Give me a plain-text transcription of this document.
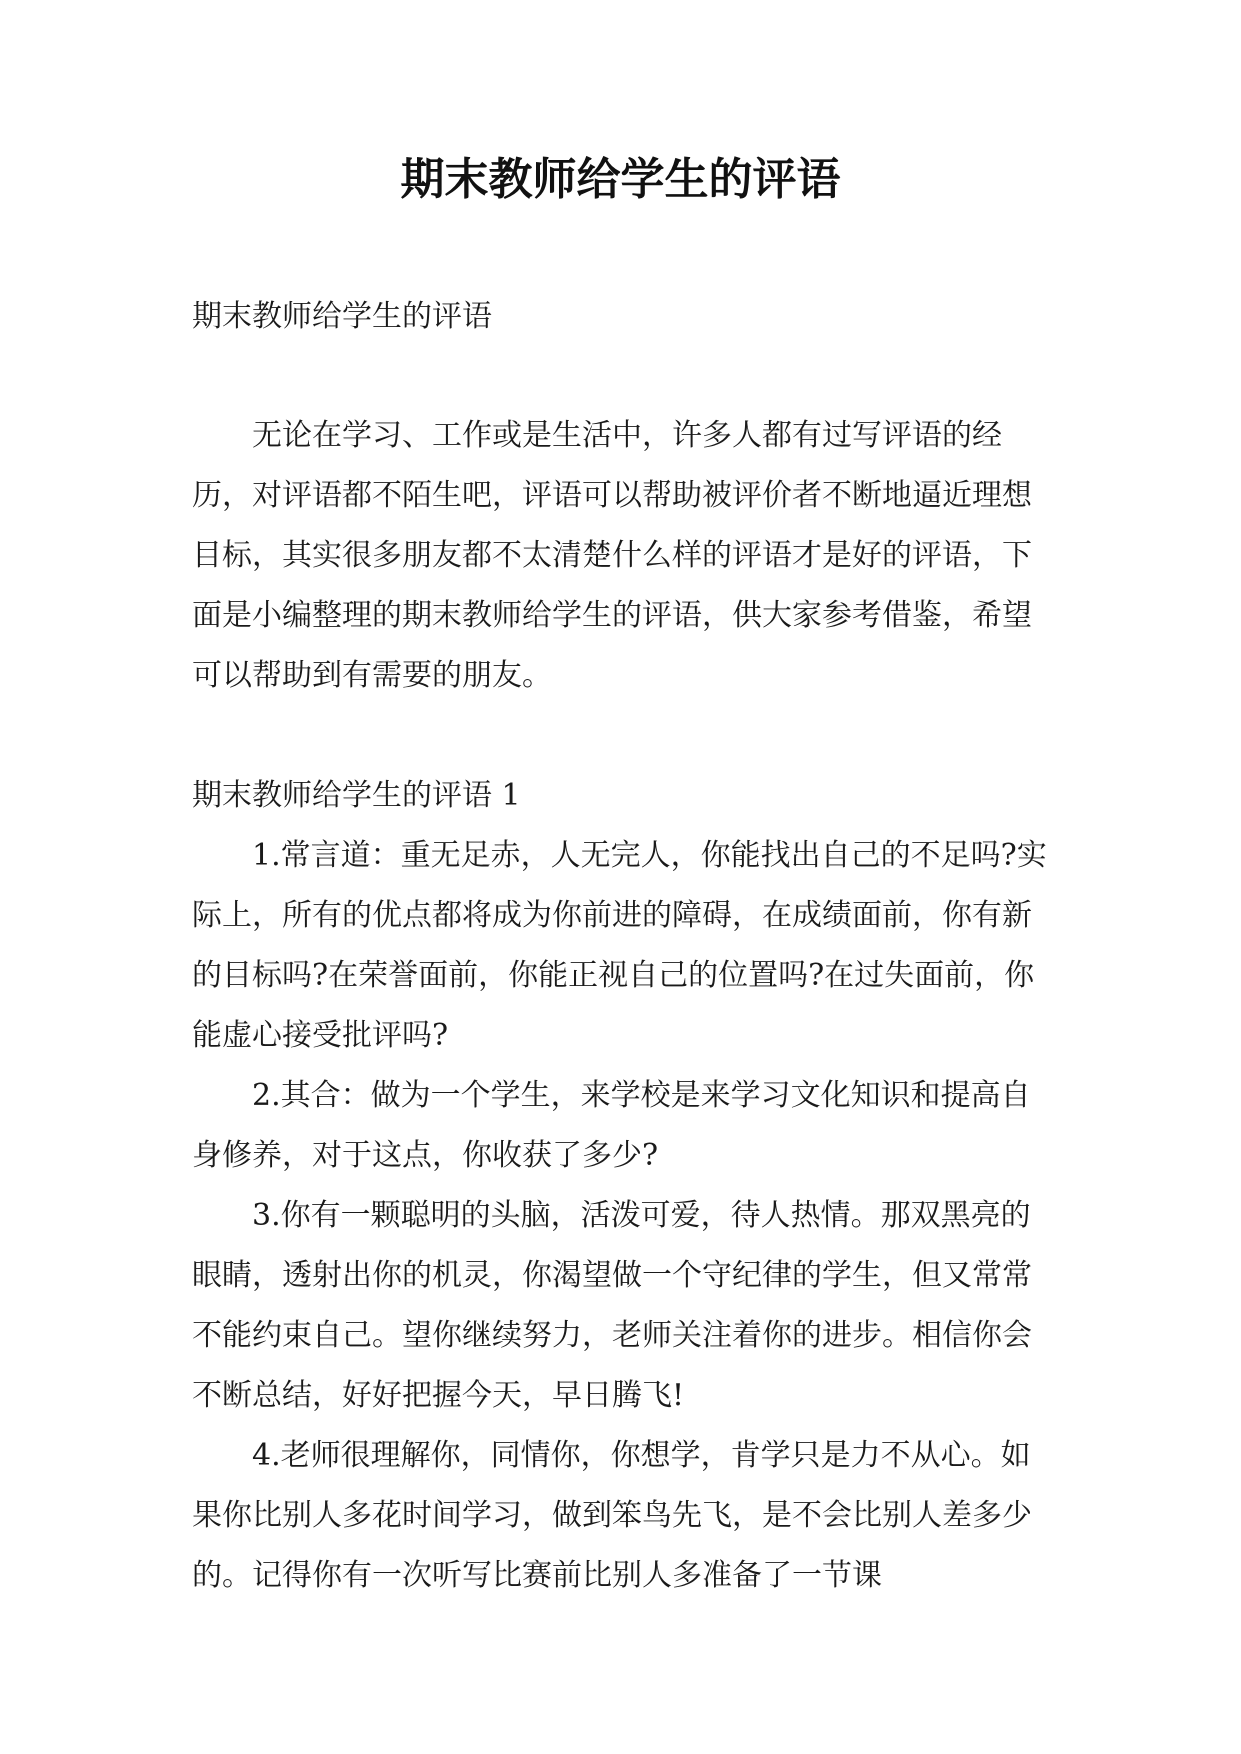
期末教师给学生的评语

期末教师给学生的评语

无论在学习、工作或是生活中，许多人都有过写评语的经历，对评语都不陌生吧，评语可以帮助被评价者不断地逼近理想目标，其实很多朋友都不太清楚什么样的评语才是好的评语，下面是小编整理的期末教师给学生的评语，供大家参考借鉴，希望可以帮助到有需要的朋友。

期末教师给学生的评语 1

1.常言道：重无足赤，人无完人，你能找出自己的不足吗?实际上，所有的优点都将成为你前进的障碍，在成绩面前，你有新的目标吗?在荣誉面前，你能正视自己的位置吗?在过失面前，你能虚心接受批评吗?

2.其合：做为一个学生，来学校是来学习文化知识和提高自身修养，对于这点，你收获了多少?

3.你有一颗聪明的头脑，活泼可爱，待人热情。那双黑亮的眼睛，透射出你的机灵，你渴望做一个守纪律的学生，但又常常不能约束自己。望你继续努力，老师关注着你的进步。相信你会不断总结，好好把握今天，早日腾飞!

4.老师很理解你，同情你，你想学，肯学只是力不从心。如果你比别人多花时间学习，做到笨鸟先飞，是不会比别人差多少的。记得你有一次听写比赛前比别人多准备了一节课
